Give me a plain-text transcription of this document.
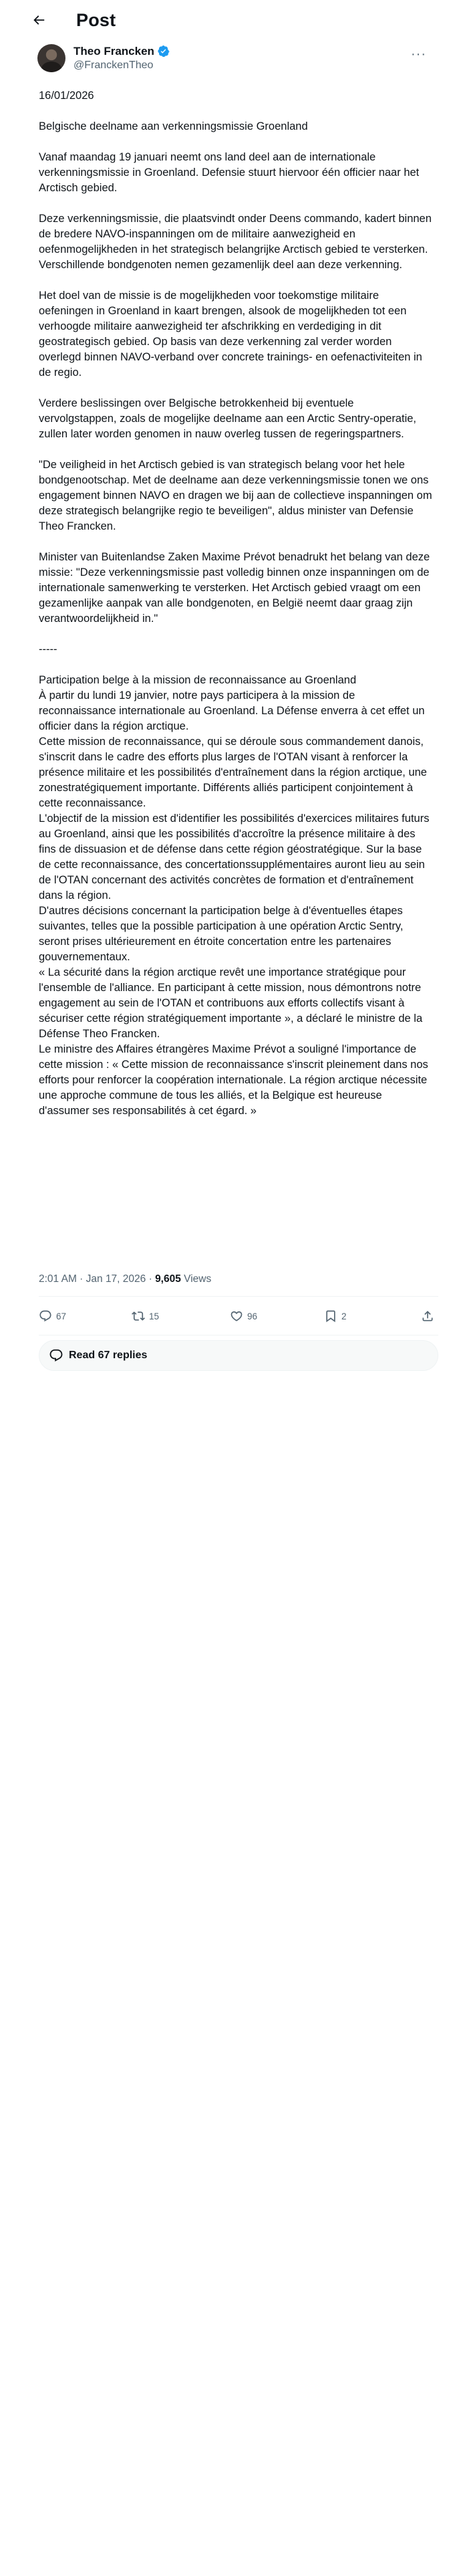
Post
Theo Francken
@FranckenTheo
···
16/01/2026
Belgische deelname aan verkenningsmissie Groenland
Vanaf maandag 19 januari neemt ons land deel aan de internationale verkenningsmissie in Groenland. Defensie stuurt hiervoor één officier naar het Arctisch gebied.
Deze verkenningsmissie, die plaatsvindt onder Deens commando, kadert binnen de bredere NAVO-inspanningen om de militaire aanwezigheid en oefenmogelijkheden in het strategisch belangrijke Arctisch gebied te versterken. Verschillende bondgenoten nemen gezamenlijk deel aan deze verkenning.
Het doel van de missie is de mogelijkheden voor toekomstige militaire oefeningen in Groenland in kaart brengen, alsook de mogelijkheden tot een verhoogde militaire aanwezigheid ter afschrikking en verdediging in dit geostrategisch gebied. Op basis van deze verkenning zal verder worden overlegd binnen NAVO-verband over concrete trainings- en oefenactiviteiten in de regio.
Verdere beslissingen over Belgische betrokkenheid bij eventuele vervolgstappen, zoals de mogelijke deelname aan een Arctic Sentry-operatie, zullen later worden genomen in nauw overleg tussen de regeringspartners.
"De veiligheid in het Arctisch gebied is van strategisch belang voor het hele bondgenootschap. Met de deelname aan deze verkenningsmissie tonen we ons engagement binnen NAVO en dragen we bij aan de collectieve inspanningen om deze strategisch belangrijke regio te beveiligen", aldus minister van Defensie Theo Francken.
Minister van Buitenlandse Zaken Maxime Prévot benadrukt het belang van deze missie: "Deze verkenningsmissie past volledig binnen onze inspanningen om de internationale samenwerking te versterken. Het Arctisch gebied vraagt om een gezamenlijke aanpak van alle bondgenoten, en België neemt daar graag zijn verantwoordelijkheid in."
-----
Participation belge à la mission de reconnaissance au Groenland
À partir du lundi 19 janvier, notre pays participera à la mission de reconnaissance internationale au Groenland. La Défense enverra à cet effet un officier dans la région arctique.
Cette mission de reconnaissance, qui se déroule sous commandement danois, s'inscrit dans le cadre des efforts plus larges de l'OTAN visant à renforcer la présence militaire et les possibilités d'entraînement dans la région arctique, une zonestratégiquement importante. Différents alliés participent conjointement à cette reconnaissance.
L'objectif de la mission est d'identifier les possibilités d'exercices militaires futurs au Groenland, ainsi que les possibilités d'accroître la présence militaire à des fins de dissuasion et de défense dans cette région géostratégique. Sur la base de cette reconnaissance, des concertationssupplémentaires auront lieu au sein de l'OTAN concernant des activités concrètes de formation et d'entraînement dans la région.
D'autres décisions concernant la participation belge à d'éventuelles étapes suivantes, telles que la possible participation à une opération Arctic Sentry, seront prises ultérieurement en étroite concertation entre les partenaires gouvernementaux.
« La sécurité dans la région arctique revêt une importance stratégique pour l'ensemble de l'alliance. En participant à cette mission, nous démontrons notre engagement au sein de l'OTAN et contribuons aux efforts collectifs visant à sécuriser cette région stratégiquement importante », a déclaré le ministre de la Défense Theo Francken.
Le ministre des Affaires étrangères Maxime Prévot a souligné l'importance de cette mission : « Cette mission de reconnaissance s'inscrit pleinement dans nos efforts pour renforcer la coopération internationale. La région arctique nécessite une approche commune de tous les alliés, et la Belgique est heureuse d'assumer ses responsabilités à cet égard. »
2:01 AM · Jan 17, 2026 · 9,605 Views
67	15	96	2
Read 67 replies
